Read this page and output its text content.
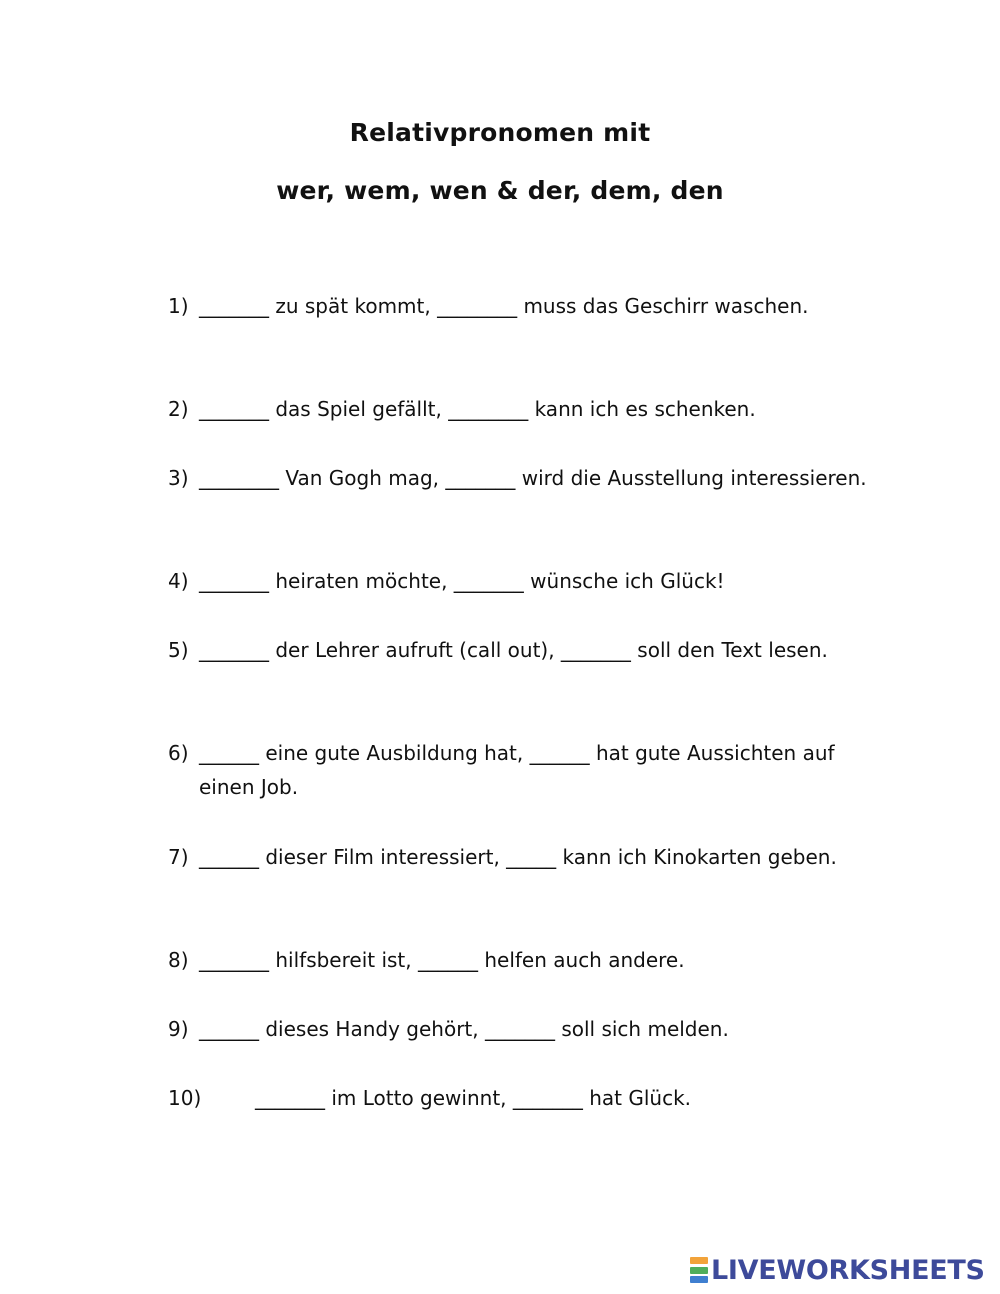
Relativpronomen mit
wer, wem, wen & der, dem, den
1) _______ zu spät kommt, ________ muss das Geschirr waschen.
2) _______ das Spiel gefällt, ________ kann ich es schenken.
3) ________ Van Gogh mag, _______ wird die Ausstellung interessieren.
4) _______ heiraten möchte, _______ wünsche ich Glück!
5) _______ der Lehrer aufruft (call out), _______ soll den Text lesen.
6) ______ eine gute Ausbildung hat, ______ hat gute Aussichten auf einen Job.
7) ______ dieser Film interessiert, _____ kann ich Kinokarten geben.
8) _______ hilfsbereit ist, ______ helfen auch andere.
9) ______ dieses Handy gehört, _______ soll sich melden.
10)	_______ im Lotto gewinnt, _______ hat Glück.
LIVEWORKSHEETS
